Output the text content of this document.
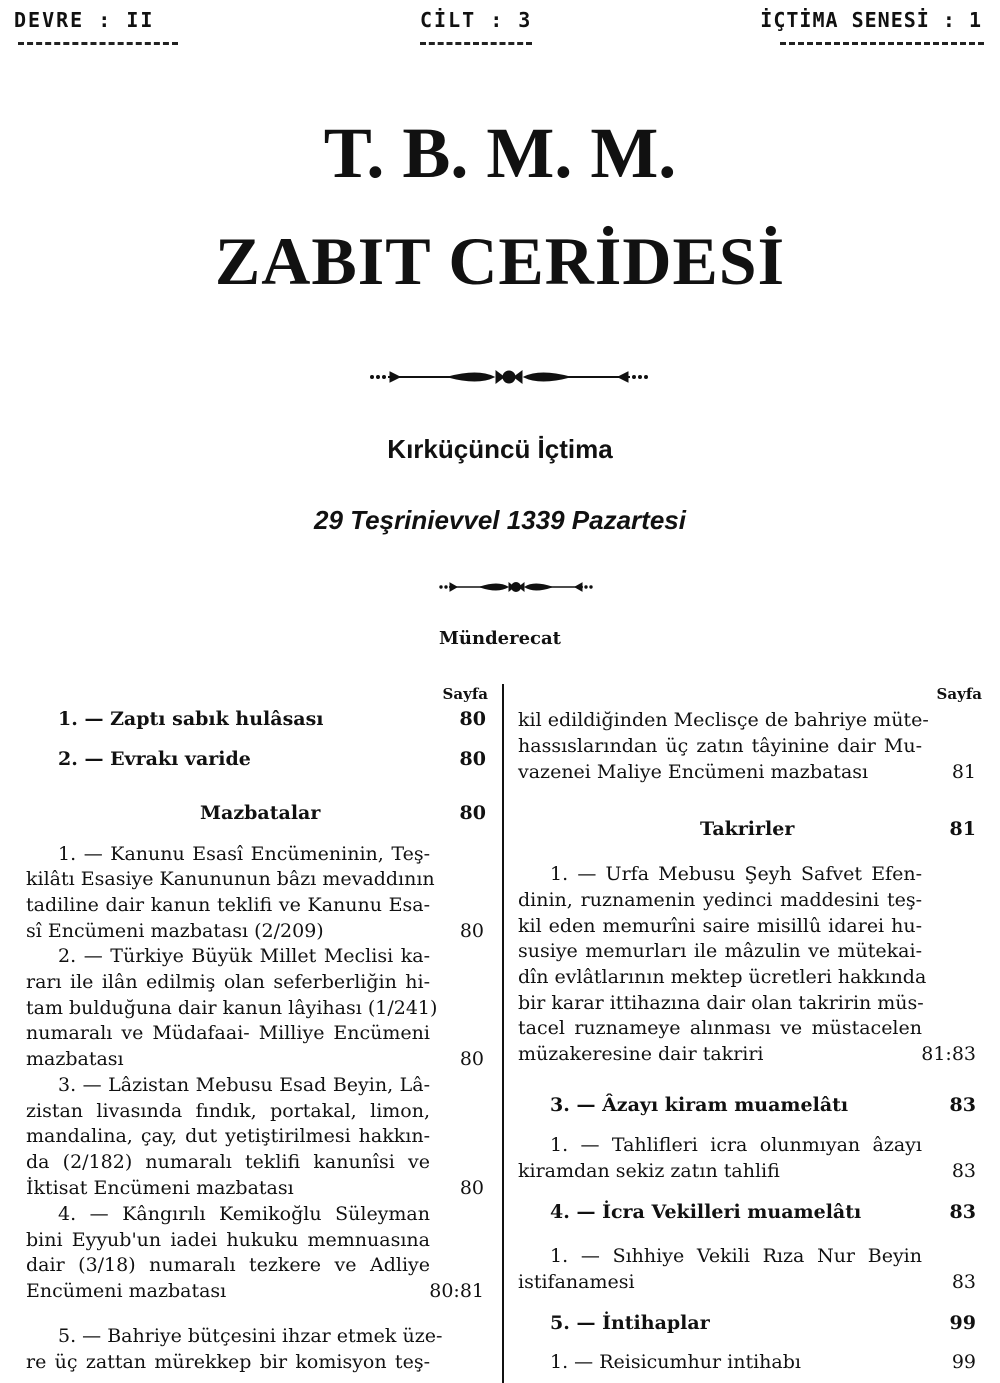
DEVRE : II	CİLT : 3	İÇTİMA SENESİ : 1
T. B. M. M.
ZABIT CERİDESİ
Kırküçüncü İçtima
29 Teşrinievvel 1339 Pazartesi
Münderecat
Sayfa
1. — Zaptı sabık hulâsası	80
2. — Evrakı varide	80
Mazbatalar	80
1. — Kanunu Esasî Encümeninin, Teş-
kilâtı Esasiye Kanununun bâzı mevaddının
tadiline dair kanun teklifi ve Kanunu Esa-
sî Encümeni mazbatası (2/209)	80
2. — Türkiye Büyük Millet Meclisi ka-
rarı ile ilân edilmiş olan seferberliğin hi-
tam bulduğuna dair kanun lâyihası (1/241)
numaralı ve Müdafaai- Milliye Encümeni
mazbatası	80
3. — Lâzistan Mebusu Esad Beyin, Lâ-
zistan livasında fındık, portakal, limon,
mandalina, çay, dut yetiştirilmesi hakkın-
da (2/182) numaralı teklifi kanunîsi ve
İktisat Encümeni mazbatası	80
4. — Kângırılı Kemikoğlu Süleyman
bini Eyyub'un iadei hukuku memnuasına
dair (3/18) numaralı tezkere ve Adliye
Encümeni mazbatası	80:81
5. — Bahriye bütçesini ihzar etmek üze-
re üç zattan mürekkep bir komisyon teş-
Sayfa
kil edildiğinden Meclisçe de bahriye müte-
hassıslarından üç zatın tâyinine dair Mu-
vazenei Maliye Encümeni mazbatası	81
Takrirler	81
1. — Urfa Mebusu Şeyh Safvet Efen-
dinin, ruznamenin yedinci maddesini teş-
kil eden memurîni saire misillû idarei hu-
susiye memurları ile mâzulin ve mütekai-
dîn evlâtlarının mektep ücretleri hakkında
bir karar ittihazına dair olan takririn müs-
tacel ruznameye alınması ve müstacelen
müzakeresine dair takriri	81:83
3. — Âzayı kiram muamelâtı	83
1. — Tahlifleri icra olunmıyan âzayı
kiramdan sekiz zatın tahlifi	83
4. — İcra Vekilleri muamelâtı	83
1. — Sıhhiye Vekili Rıza Nur Beyin
istifanamesi	83
5. — İntihaplar	99
1. — Reisicumhur intihabı	99
